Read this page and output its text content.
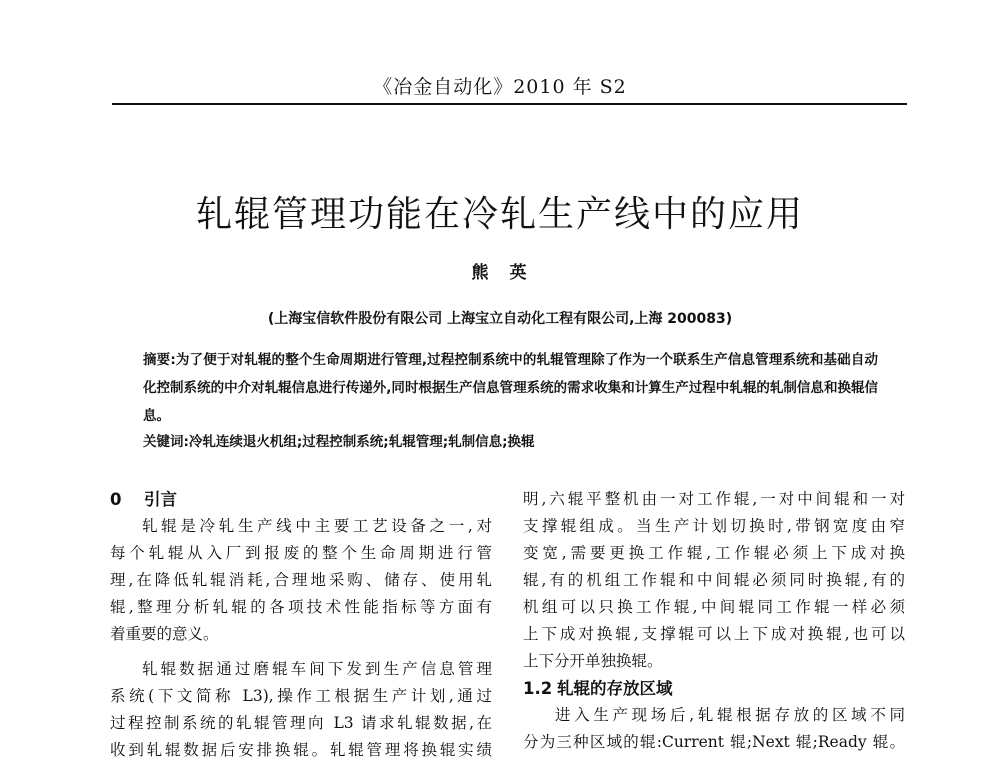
《冶金自动化》2010 年 S2
轧辊管理功能在冷轧生产线中的应用
熊　英
(上海宝信软件股份有限公司 上海宝立自动化工程有限公司,上海 200083)
摘要:为了便于对轧辊的整个生命周期进行管理,过程控制系统中的轧辊管理除了作为一个联系生产信息管理系统和基础自动化控制系统的中介对轧辊信息进行传递外,同时根据生产信息管理系统的需求收集和计算生产过程中轧辊的轧制信息和换辊信息。
关键词:冷轧连续退火机组;过程控制系统;轧辊管理;轧制信息;换辊
0 引言
轧辊是冷轧生产线中主要工艺设备之一,对
每个轧辊从入厂到报废的整个生命周期进行管
理,在降低轧辊消耗,合理地采购、储存、使用轧
辊,整理分析轧辊的各项技术性能指标等方面有
着重要的意义。
轧辊数据通过磨辊车间下发到生产信息管理
系统(下文简称 L3),操作工根据生产计划,通过
过程控制系统的轧辊管理向 L3 请求轧辊数据,在
收到轧辊数据后安排换辊。轧辊管理将换辊实绩
明,六辊平整机由一对工作辊,一对中间辊和一对
支撑辊组成。当生产计划切换时,带钢宽度由窄
变宽,需要更换工作辊,工作辊必须上下成对换
辊,有的机组工作辊和中间辊必须同时换辊,有的
机组可以只换工作辊,中间辊同工作辊一样必须
上下成对换辊,支撑辊可以上下成对换辊,也可以
上下分开单独换辊。
1.2 轧辊的存放区域
进入生产现场后,轧辊根据存放的区域不同
分为三种区域的辊:Current 辊;Next 辊;Ready 辊。
